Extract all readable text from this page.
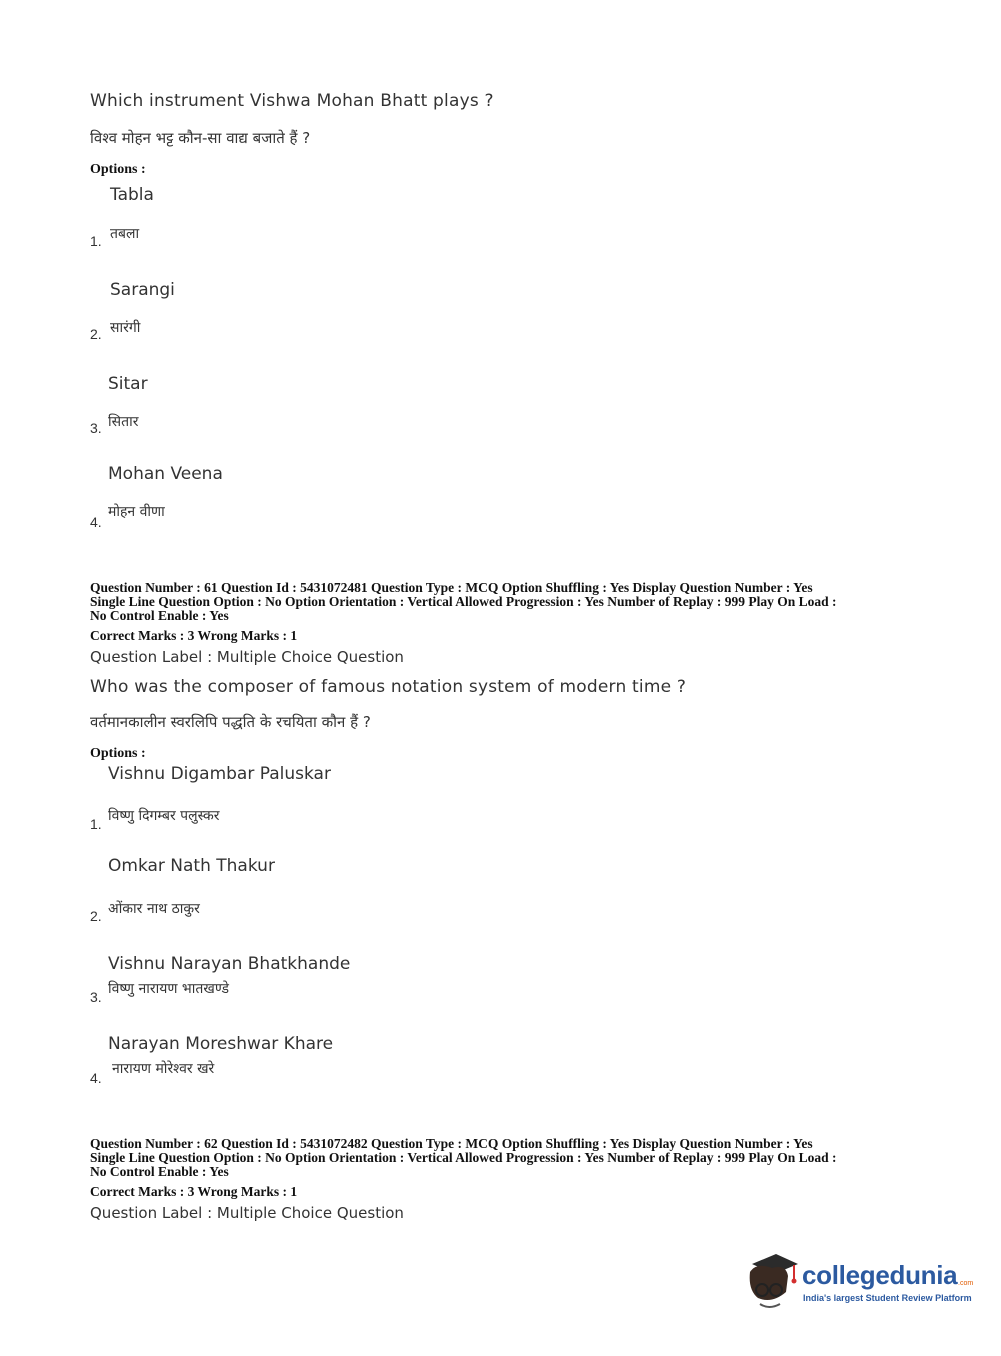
Which instrument Vishwa Mohan Bhatt plays ?
विश्व मोहन भट्ट कौन-सा वाद्य बजाते हैं ?
Options :
Tabla
तबला
1.
Sarangi
सारंगी
2.
Sitar
सितार
3.
Mohan Veena
मोहन वीणा
4.
Question Number : 61 Question Id : 5431072481 Question Type : MCQ Option Shuffling : Yes Display Question Number : Yes
Single Line Question Option : No Option Orientation : Vertical Allowed Progression : Yes Number of Replay : 999 Play On Load :
No Control Enable : Yes
Correct Marks : 3 Wrong Marks : 1
Question Label : Multiple Choice Question
Who was the composer of famous notation system of modern time ?
वर्तमानकालीन स्वरलिपि पद्धति के रचयिता कौन हैं ?
Options :
Vishnu Digambar Paluskar
विष्णु दिगम्बर पलुस्कर
1.
Omkar Nath Thakur
ओंकार नाथ ठाकुर
2.
Vishnu Narayan Bhatkhande
विष्णु नारायण भातखण्डे
3.
Narayan Moreshwar Khare
नारायण मोरेश्वर खरे
4.
Question Number : 62 Question Id : 5431072482 Question Type : MCQ Option Shuffling : Yes Display Question Number : Yes
Single Line Question Option : No Option Orientation : Vertical Allowed Progression : Yes Number of Replay : 999 Play On Load :
No Control Enable : Yes
Correct Marks : 3 Wrong Marks : 1
Question Label : Multiple Choice Question
collegedunia .com
India's largest Student Review Platform
